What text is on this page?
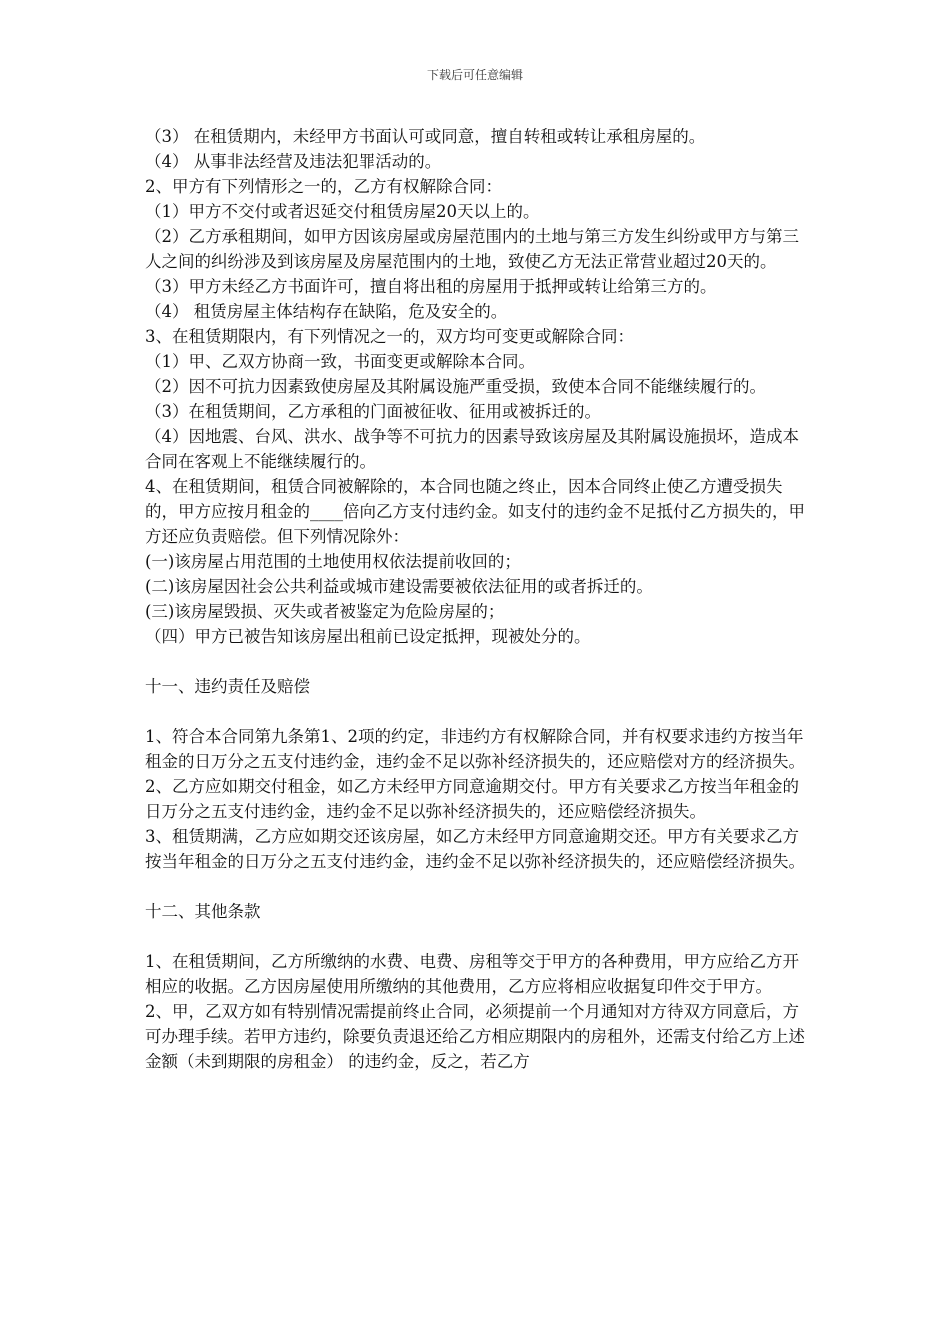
下载后可任意编辑

（3） 在租赁期内，未经甲方书面认可或同意，擅自转租或转让承租房屋的。

（4） 从事非法经营及违法犯罪活动的。

2、甲方有下列情形之一的，乙方有权解除合同：

（1）甲方不交付或者迟延交付租赁房屋20天以上的。

（2）乙方承租期间，如甲方因该房屋或房屋范围内的土地与第三方发生纠纷或甲方与第三人之间的纠纷涉及到该房屋及房屋范围内的土地，致使乙方无法正常营业超过20天的。

（3）甲方未经乙方书面许可，擅自将出租的房屋用于抵押或转让给第三方的。

（4） 租赁房屋主体结构存在缺陷，危及安全的。

3、在租赁期限内，有下列情况之一的，双方均可变更或解除合同：

（1）甲、乙双方协商一致，书面变更或解除本合同。

（2）因不可抗力因素致使房屋及其附属设施严重受损，致使本合同不能继续履行的。

（3）在租赁期间，乙方承租的门面被征收、征用或被拆迁的。

（4）因地震、台风、洪水、战争等不可抗力的因素导致该房屋及其附属设施损坏，造成本合同在客观上不能继续履行的。

4、在租赁期间，租赁合同被解除的，本合同也随之终止，因本合同终止使乙方遭受损失的，甲方应按月租金的____倍向乙方支付违约金。如支付的违约金不足抵付乙方损失的，甲方还应负责赔偿。但下列情况除外：

(一)该房屋占用范围的土地使用权依法提前收回的；

(二)该房屋因社会公共利益或城市建设需要被依法征用的或者拆迁的。

(三)该房屋毁损、灭失或者被鉴定为危险房屋的；

（四）甲方已被告知该房屋出租前已设定抵押，现被处分的。

十一、违约责任及赔偿

1、符合本合同第九条第1、2项的约定，非违约方有权解除合同，并有权要求违约方按当年租金的日万分之五支付违约金，违约金不足以弥补经济损失的，还应赔偿对方的经济损失。

2、乙方应如期交付租金，如乙方未经甲方同意逾期交付。甲方有关要求乙方按当年租金的日万分之五支付违约金，违约金不足以弥补经济损失的，还应赔偿经济损失。

3、租赁期满，乙方应如期交还该房屋，如乙方未经甲方同意逾期交还。甲方有关要求乙方按当年租金的日万分之五支付违约金，违约金不足以弥补经济损失的，还应赔偿经济损失。

十二、其他条款

1、在租赁期间，乙方所缴纳的水费、电费、房租等交于甲方的各种费用，甲方应给乙方开相应的收据。乙方因房屋使用所缴纳的其他费用，乙方应将相应收据复印件交于甲方。

2、甲，乙双方如有特别情况需提前终止合同，必须提前一个月通知对方待双方同意后，方可办理手续。若甲方违约，除要负责退还给乙方相应期限内的房租外，还需支付给乙方上述金额（未到期限的房租金） 的违约金，反之，若乙方
